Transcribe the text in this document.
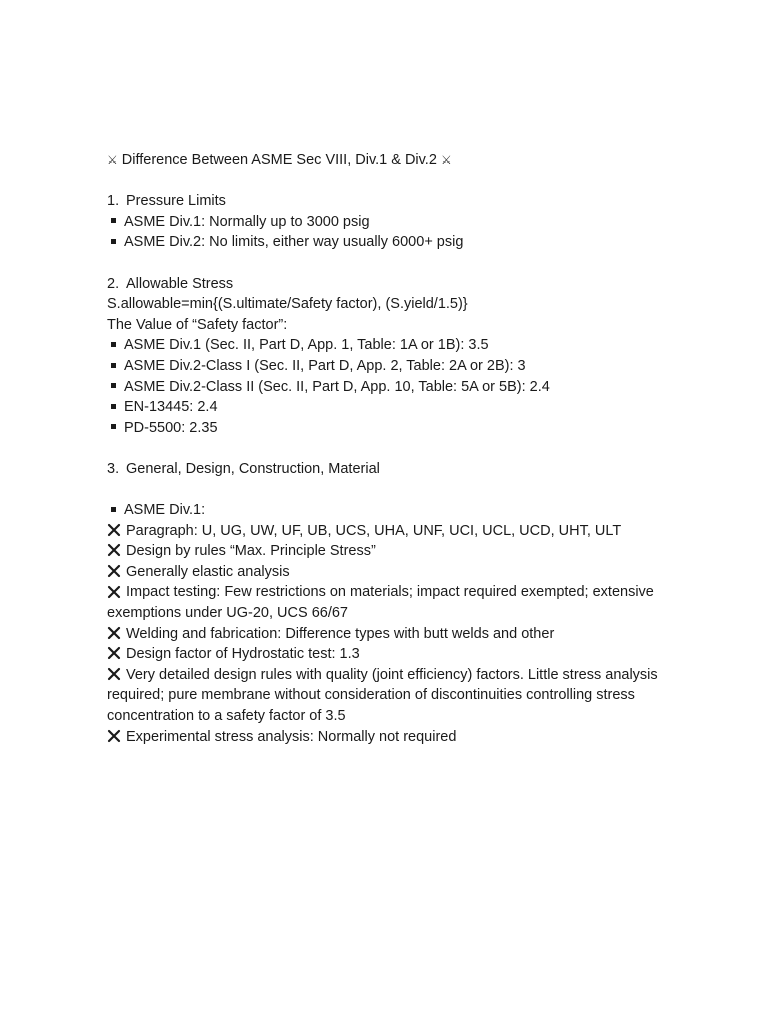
⚔ Difference Between ASME Sec VIII, Div.1 & Div.2 ⚔
1. Pressure Limits
ASME Div.1: Normally up to 3000 psig
ASME Div.2: No limits, either way usually 6000+ psig
2. Allowable Stress
S.allowable=min{(S.ultimate/Safety factor), (S.yield/1.5)}
The Value of “Safety factor”:
ASME Div.1 (Sec. II, Part D, App. 1, Table: 1A or 1B): 3.5
ASME Div.2-Class I (Sec. II, Part D, App. 2, Table: 2A or 2B): 3
ASME Div.2-Class II (Sec. II, Part D, App. 10, Table: 5A or 5B): 2.4
EN-13445: 2.4
PD-5500: 2.35
3. General, Design, Construction, Material
ASME Div.1:
Paragraph: U, UG, UW, UF, UB, UCS, UHA, UNF, UCI, UCL, UCD, UHT, ULT
Design by rules “Max. Principle Stress”
Generally elastic analysis
Impact testing: Few restrictions on materials; impact required exempted; extensive exemptions under UG-20, UCS 66/67
Welding and fabrication: Difference types with butt welds and other
Design factor of Hydrostatic test: 1.3
Very detailed design rules with quality (joint efficiency) factors. Little stress analysis required; pure membrane without consideration of discontinuities controlling stress concentration to a safety factor of 3.5
Experimental stress analysis: Normally not required
